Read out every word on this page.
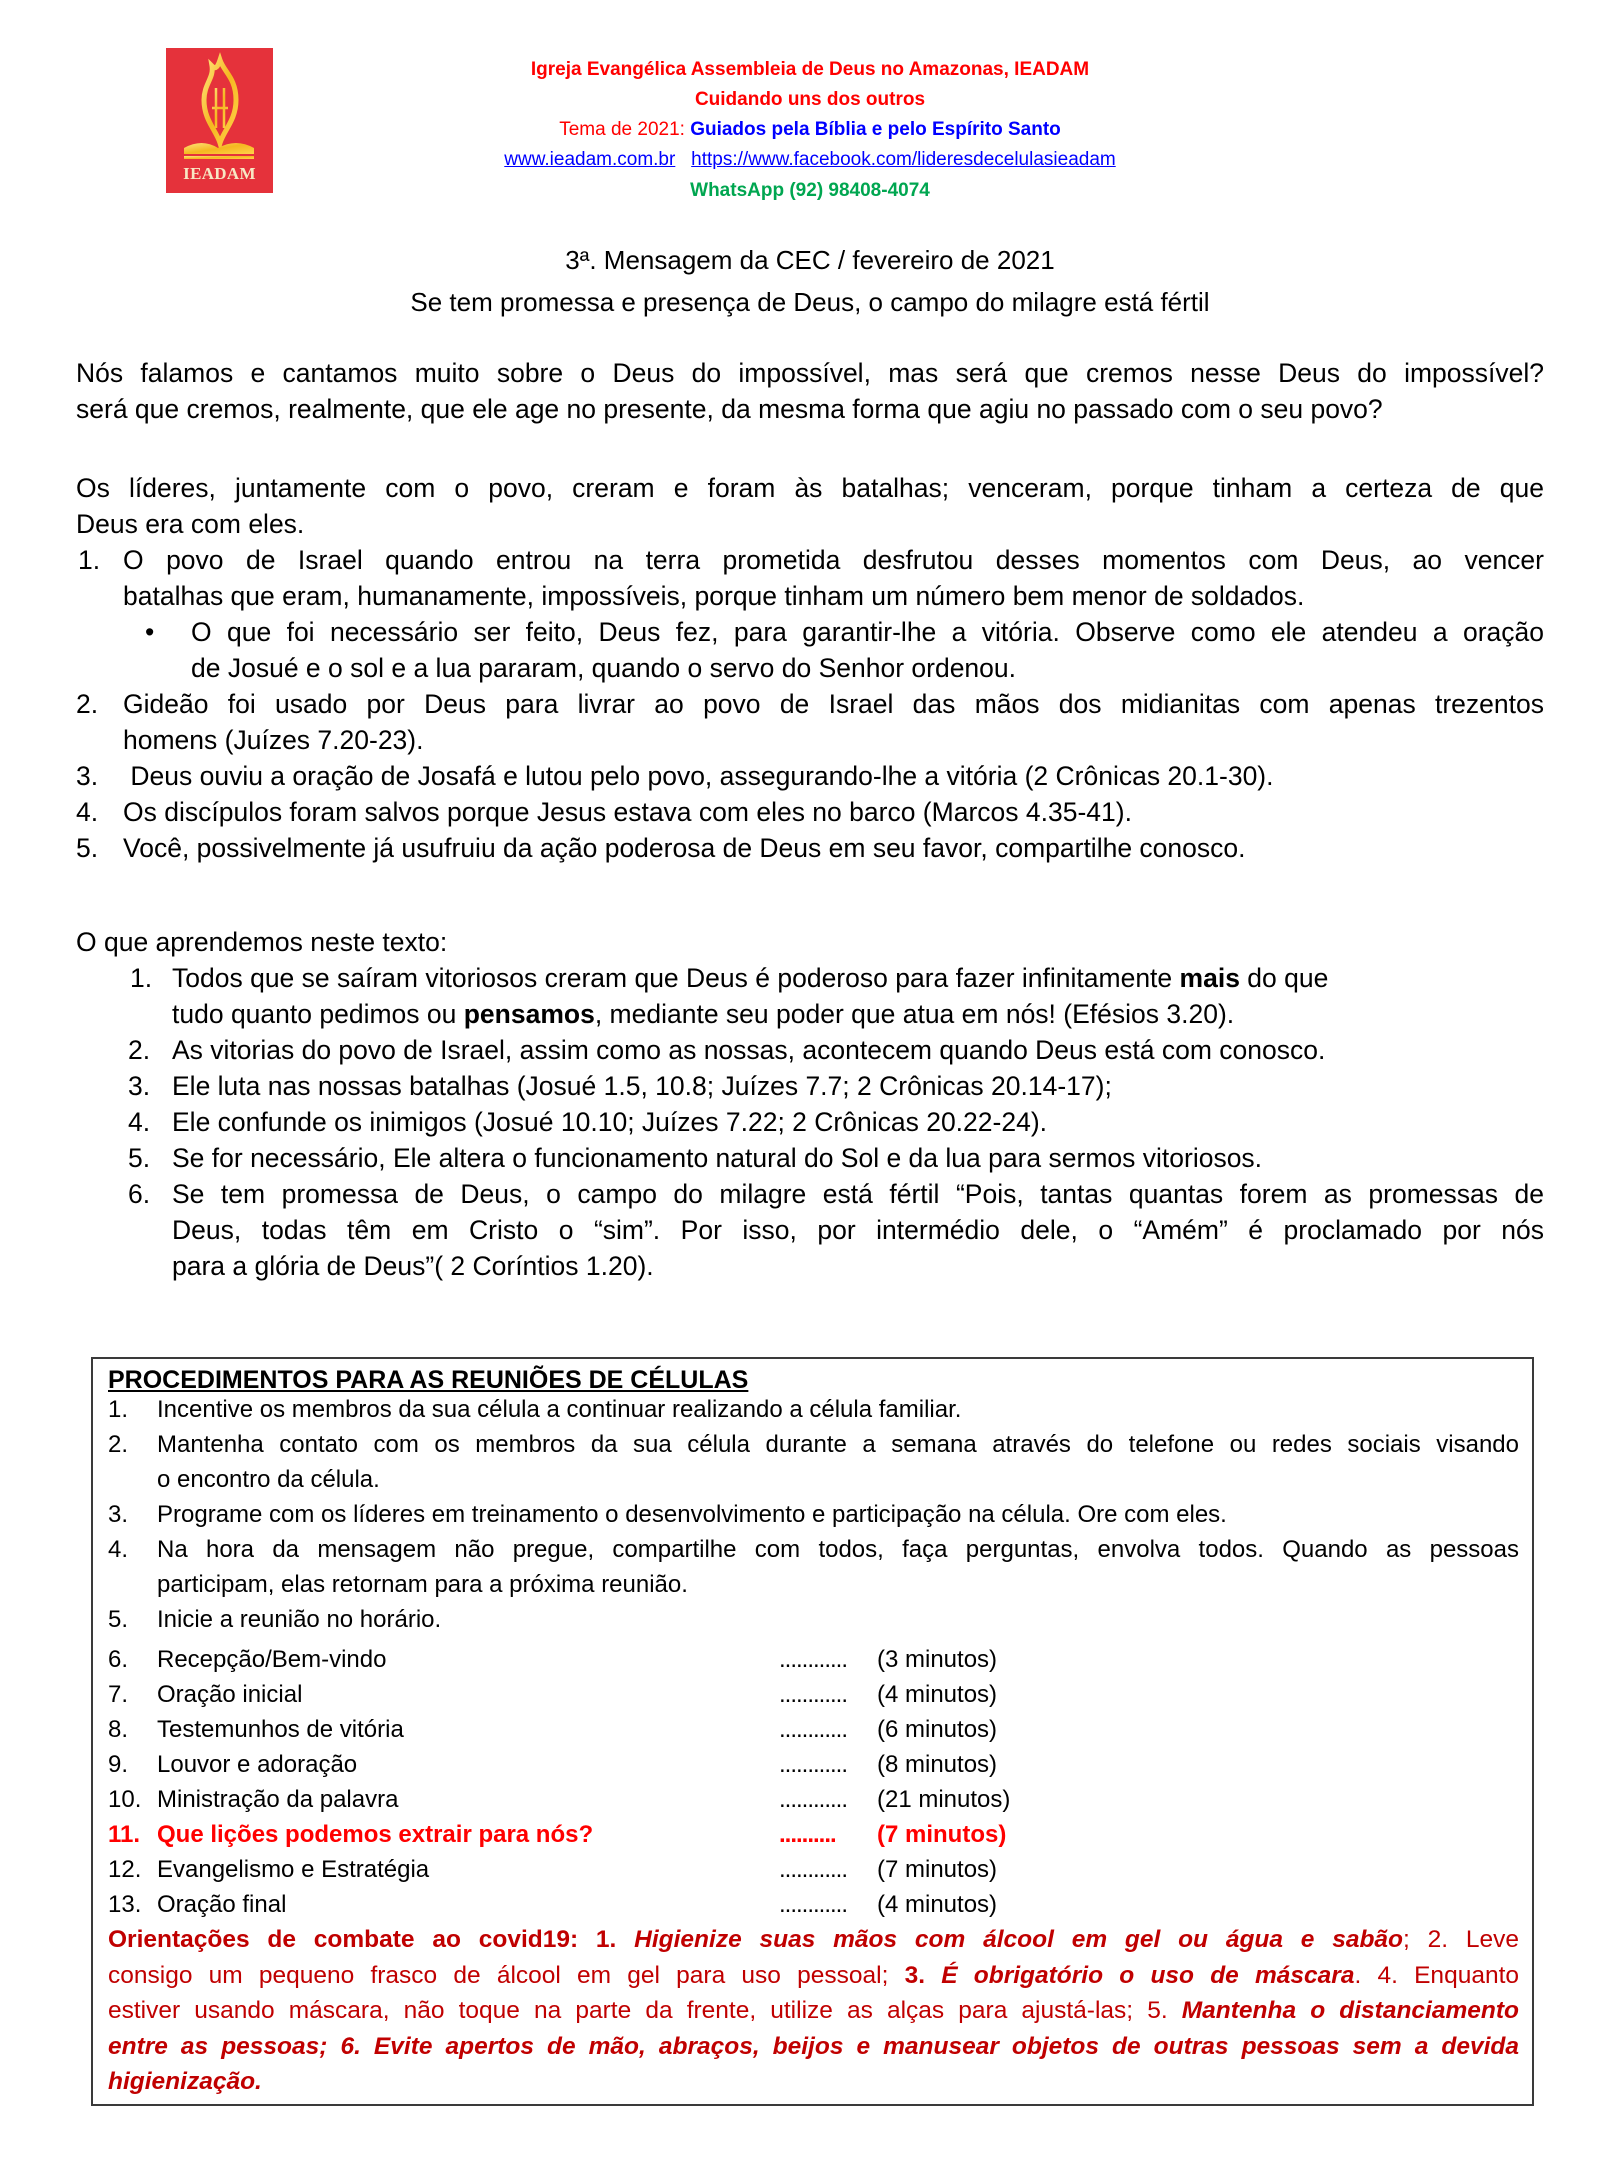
IEADAM
Igreja Evangélica Assembleia de Deus no Amazonas, IEADAM
Cuidando uns dos outros
Tema de 2021: Guiados pela Bíblia e pelo Espírito Santo
www.ieadam.com.br https://www.facebook.com/lideresdecelulasieadam
WhatsApp (92) 98408-4074
3ª. Mensagem da CEC / fevereiro de 2021
Se tem promessa e presença de Deus, o campo do milagre está fértil
Nós falamos e cantamos muito sobre o Deus do impossível, mas será que cremos nesse Deus do impossível?
será que cremos, realmente, que ele age no presente, da mesma forma que agiu no passado com o seu povo?
Os líderes, juntamente com o povo, creram e foram às batalhas; venceram, porque tinham a certeza de que
Deus era com eles.
1. O povo de Israel quando entrou na terra prometida desfrutou desses momentos com Deus, ao vencer
batalhas que eram, humanamente, impossíveis, porque tinham um número bem menor de soldados.
• O que foi necessário ser feito, Deus fez, para garantir-lhe a vitória. Observe como ele atendeu a oração
de Josué e o sol e a lua pararam, quando o servo do Senhor ordenou.
2. Gideão foi usado por Deus para livrar ao povo de Israel das mãos dos midianitas com apenas trezentos
homens (Juízes 7.20-23).
3. Deus ouviu a oração de Josafá e lutou pelo povo, assegurando-lhe a vitória (2 Crônicas 20.1-30).
4. Os discípulos foram salvos porque Jesus estava com eles no barco (Marcos 4.35-41).
5. Você, possivelmente já usufruiu da ação poderosa de Deus em seu favor, compartilhe conosco.
O que aprendemos neste texto:
1. Todos que se saíram vitoriosos creram que Deus é poderoso para fazer infinitamente mais do que
tudo quanto pedimos ou pensamos, mediante seu poder que atua em nós! (Efésios 3.20).
2. As vitorias do povo de Israel, assim como as nossas, acontecem quando Deus está com conosco.
3. Ele luta nas nossas batalhas (Josué 1.5, 10.8; Juízes 7.7; 2 Crônicas 20.14-17);
4. Ele confunde os inimigos (Josué 10.10; Juízes 7.22; 2 Crônicas 20.22-24).
5. Se for necessário, Ele altera o funcionamento natural do Sol e da lua para sermos vitoriosos.
6. Se tem promessa de Deus, o campo do milagre está fértil “Pois, tantas quantas forem as promessas de
Deus, todas têm em Cristo o “sim”. Por isso, por intermédio dele, o “Amém” é proclamado por nós
para a glória de Deus”( 2 Coríntios 1.20).
PROCEDIMENTOS PARA AS REUNIÕES DE CÉLULAS
1. Incentive os membros da sua célula a continuar realizando a célula familiar.
2. Mantenha contato com os membros da sua célula durante a semana através do telefone ou redes sociais visando
o encontro da célula.
3. Programe com os líderes em treinamento o desenvolvimento e participação na célula. Ore com eles.
4. Na hora da mensagem não pregue, compartilhe com todos, faça perguntas, envolva todos. Quando as pessoas
participam, elas retornam para a próxima reunião.
5. Inicie a reunião no horário.
6. Recepção/Bem-vindo	............ (3 minutos)
7. Oração inicial	............ (4 minutos)
8. Testemunhos de vitória	............ (6 minutos)
9. Louvor e adoração	............ (8 minutos)
10. Ministração da palavra	............ (21 minutos)
11. Que lições podemos extrair para nós?	.......... (7 minutos)
12. Evangelismo e Estratégia	............ (7 minutos)
13. Oração final	............ (4 minutos)
Orientações de combate ao covid19: 1. Higienize suas mãos com álcool em gel ou água e sabão; 2. Leve
consigo um pequeno frasco de álcool em gel para uso pessoal; 3. É obrigatório o uso de máscara. 4. Enquanto
estiver usando máscara, não toque na parte da frente, utilize as alças para ajustá-las; 5. Mantenha o distanciamento
entre as pessoas; 6. Evite apertos de mão, abraços, beijos e manusear objetos de outras pessoas sem a devida
higienização.
